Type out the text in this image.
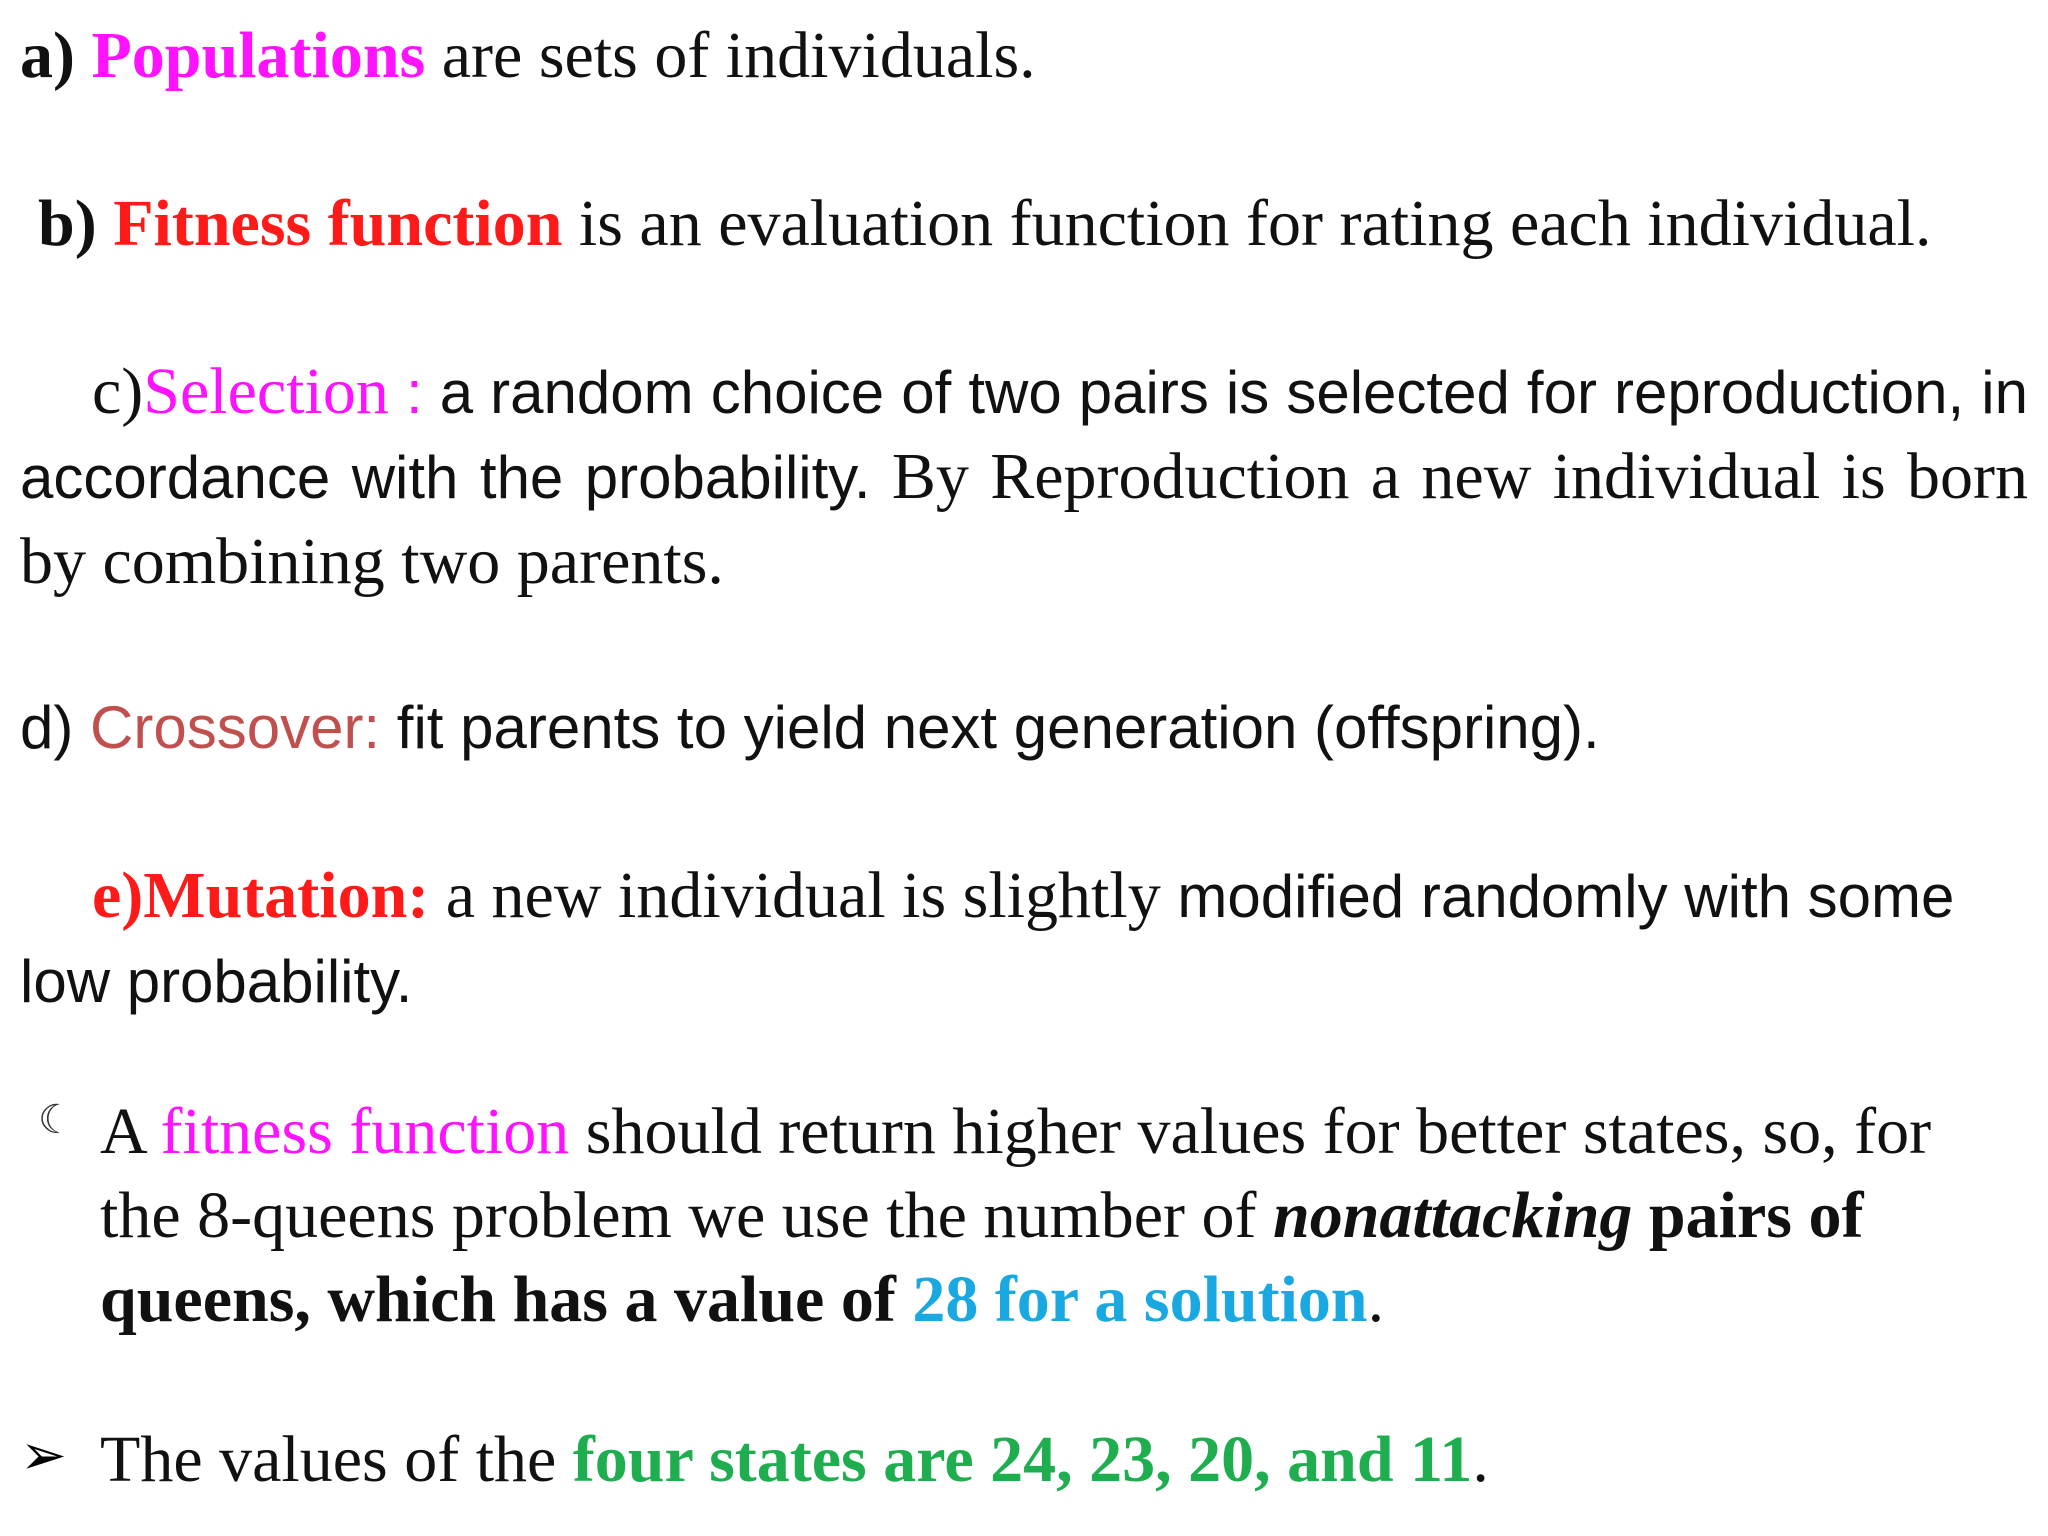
a) Populations are sets of individuals.
b) Fitness function is an evaluation function for rating each individual.
c)Selection : a random choice of two pairs is selected for reproduction, in accordance with the probability. By Reproduction a new individual is born by combining two parents.
d) Crossover: fit parents to yield next generation (offspring).
e)Mutation: a new individual is slightly modified randomly with some low probability.
☾ A fitness function should return higher values for better states, so, for the 8-queens problem we use the number of nonattacking pairs of queens, which has a value of 28 for a solution.
➢ The values of the four states are 24, 23, 20, and 11.
